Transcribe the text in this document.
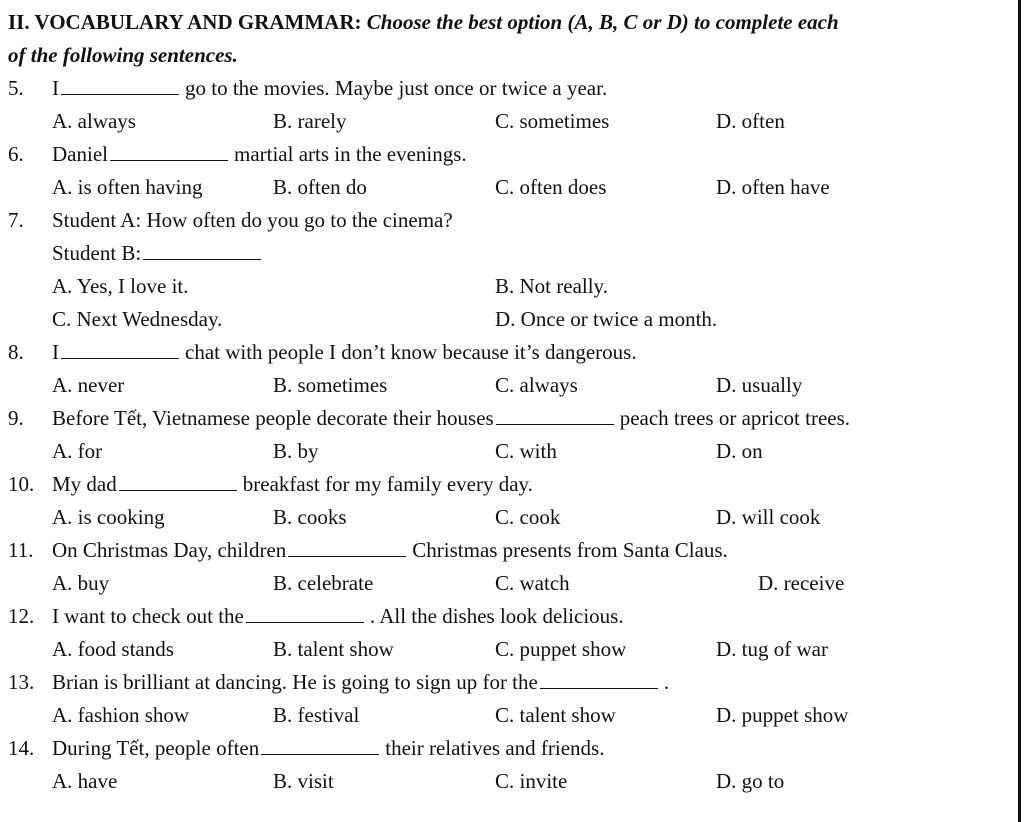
II. VOCABULARY AND GRAMMAR: Choose the best option (A, B, C or D) to complete each
of the following sentences.
5. I	go to the movies. Maybe just once or twice a year.
A. always	B. rarely	C. sometimes	D. often
6. Daniel	martial arts in the evenings.
A. is often having	B. often do	C. often does	D. often have
7. Student A: How often do you go to the cinema?
Student B:
A. Yes, I love it.	B. Not really.
C. Next Wednesday.	D. Once or twice a month.
8. I	chat with people I don’t know because it’s dangerous.
A. never	B. sometimes	C. always	D. usually
9. Before Tết, Vietnamese people decorate their houses	peach trees or apricot trees.
A. for	B. by	C. with	D. on
10. My dad	breakfast for my family every day.
A. is cooking	B. cooks	C. cook	D. will cook
11. On Christmas Day, children	Christmas presents from Santa Claus.
A. buy	B. celebrate	C. watch	D. receive
12. I want to check out the	. All the dishes look delicious.
A. food stands	B. talent show	C. puppet show	D. tug of war
13. Brian is brilliant at dancing. He is going to sign up for the	.
A. fashion show	B. festival	C. talent show	D. puppet show
14. During Tết, people often	their relatives and friends.
A. have	B. visit	C. invite	D. go to
